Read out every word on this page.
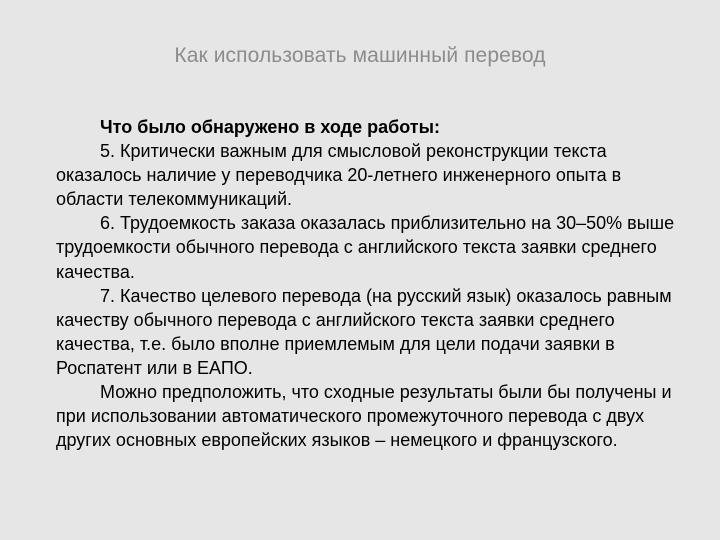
Как использовать машинный перевод

Что было обнаружено в ходе работы:

5. Критически важным для смысловой реконструкции текста оказалось наличие у переводчика 20-летнего инженерного опыта в области телекоммуникаций.

6. Трудоемкость заказа оказалась приблизительно на 30–50% выше трудоемкости обычного перевода с английского текста заявки среднего качества.

7. Качество целевого перевода (на русский язык) оказалось равным качеству обычного перевода с английского текста заявки среднего качества, т.е. было вполне приемлемым для цели подачи заявки в Роспатент или в ЕАПО.

Можно предположить, что сходные результаты были бы получены и при использовании автоматического промежуточного перевода с двух других основных европейских языков – немецкого и французского.
